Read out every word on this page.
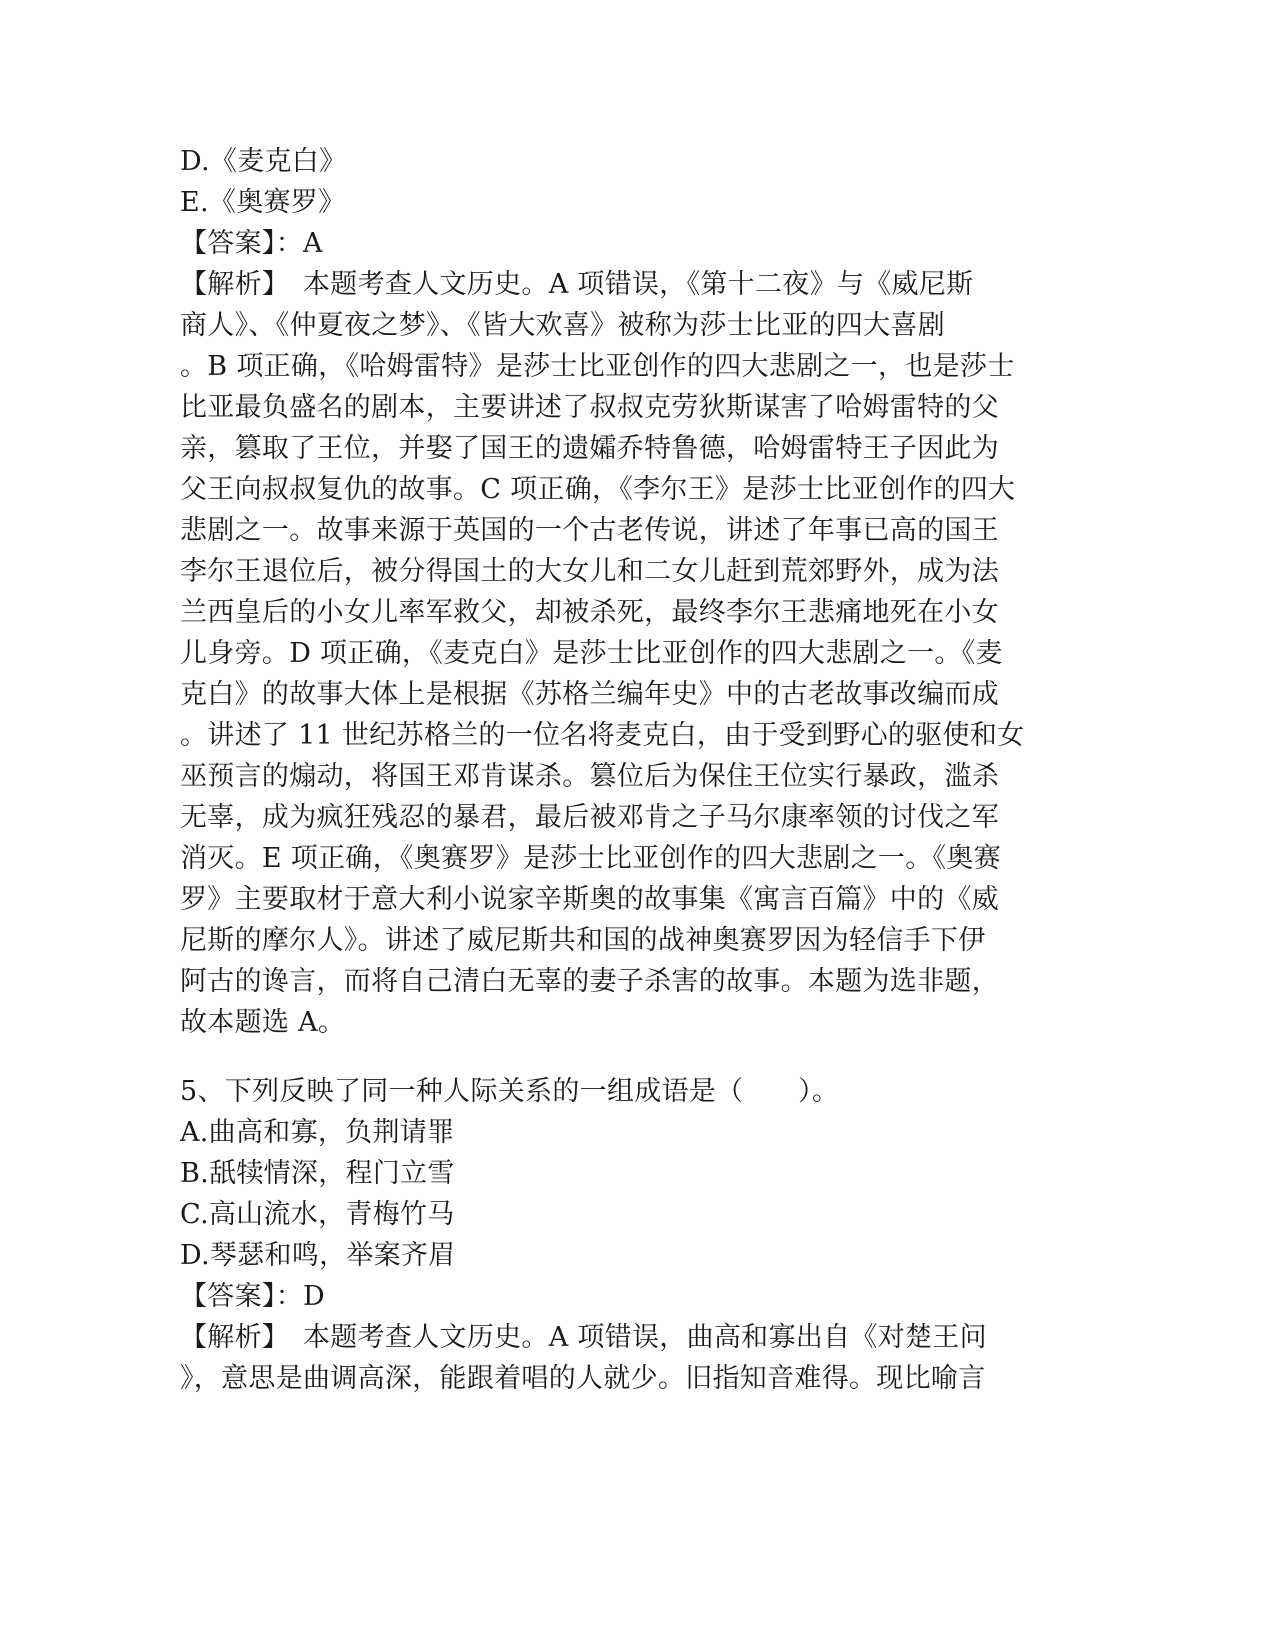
D.《麦克白》
E.《奥赛罗》
【答案】：A
【解析】　本题考查人文历史。A 项错误，《第十二夜》与《威尼斯
商人》、《仲夏夜之梦》、《皆大欢喜》被称为莎士比亚的四大喜剧
。B 项正确，《哈姆雷特》是莎士比亚创作的四大悲剧之一，也是莎士
比亚最负盛名的剧本，主要讲述了叔叔克劳狄斯谋害了哈姆雷特的父
亲，篡取了王位，并娶了国王的遗孀乔特鲁德，哈姆雷特王子因此为
父王向叔叔复仇的故事。C 项正确，《李尔王》是莎士比亚创作的四大
悲剧之一。故事来源于英国的一个古老传说，讲述了年事已高的国王
李尔王退位后，被分得国土的大女儿和二女儿赶到荒郊野外，成为法
兰西皇后的小女儿率军救父，却被杀死，最终李尔王悲痛地死在小女
儿身旁。D 项正确，《麦克白》是莎士比亚创作的四大悲剧之一。《麦
克白》的故事大体上是根据《苏格兰编年史》中的古老故事改编而成
。讲述了 11 世纪苏格兰的一位名将麦克白，由于受到野心的驱使和女
巫预言的煽动，将国王邓肯谋杀。篡位后为保住王位实行暴政，滥杀
无辜，成为疯狂残忍的暴君，最后被邓肯之子马尔康率领的讨伐之军
消灭。E 项正确，《奥赛罗》是莎士比亚创作的四大悲剧之一。《奥赛
罗》主要取材于意大利小说家辛斯奥的故事集《寓言百篇》中的《威
尼斯的摩尔人》。讲述了威尼斯共和国的战神奥赛罗因为轻信手下伊
阿古的谗言，而将自己清白无辜的妻子杀害的故事。本题为选非题，
故本题选 A。
5、下列反映了同一种人际关系的一组成语是（　　）。
A.曲高和寡，负荆请罪
B.舐犊情深，程门立雪
C.高山流水，青梅竹马
D.琴瑟和鸣，举案齐眉
【答案】：D
【解析】　本题考查人文历史。A 项错误，曲高和寡出自《对楚王问
》，意思是曲调高深，能跟着唱的人就少。旧指知音难得。现比喻言
